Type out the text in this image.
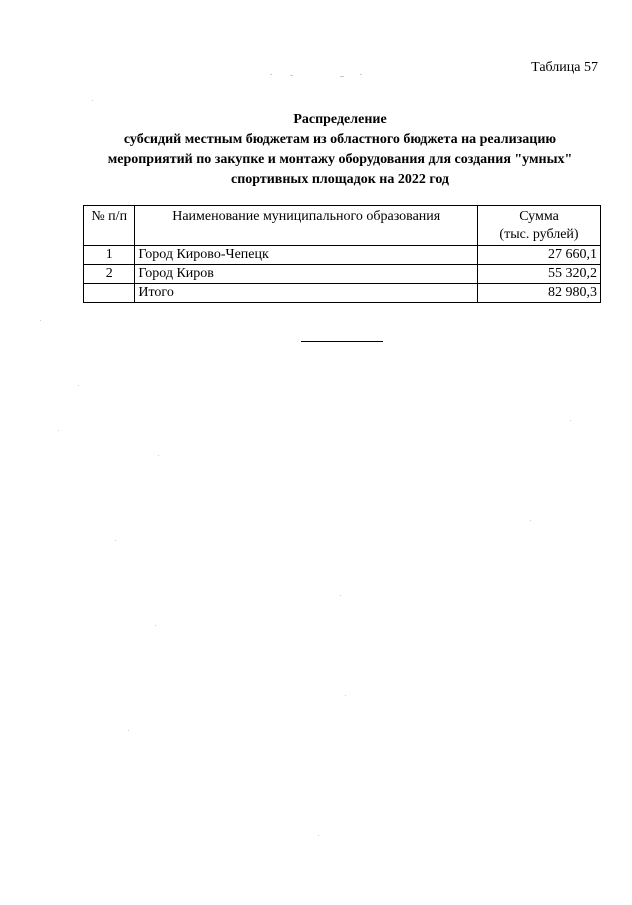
Таблица 57
Распределение
субсидий местным бюджетам из областного бюджета на реализацию
мероприятий по закупке и монтажу оборудования для создания "умных"
спортивных площадок на 2022 год
№ п/п	Наименование муниципального образования	Сумма
(тыс. рублей)

1	Город Кирово-Чепецк	27 660,1
2	Город Киров	55 320,2
	Итого	82 980,3
